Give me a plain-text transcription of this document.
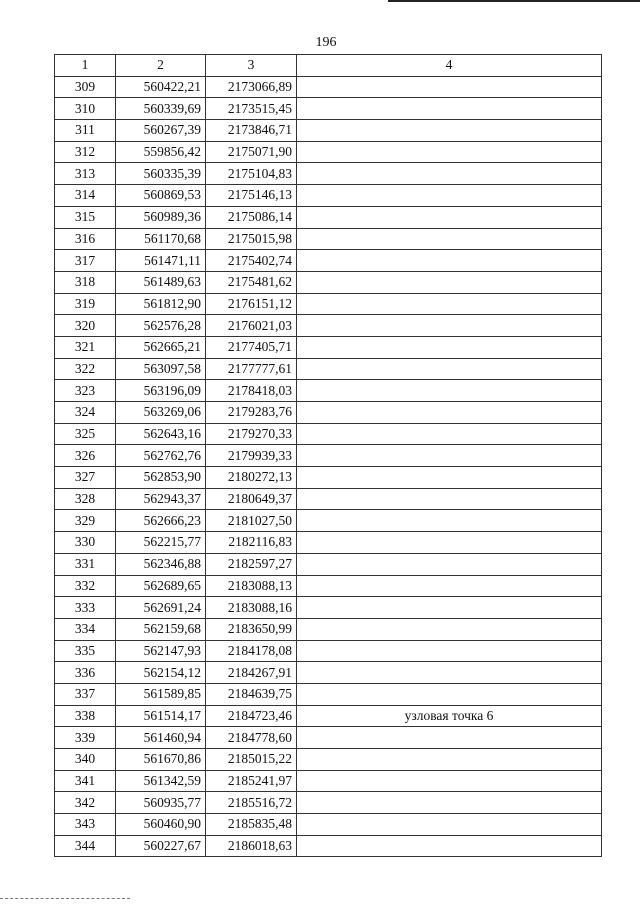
196
1	2	3	4
309	560422,21	2173066,89	
310	560339,69	2173515,45	
311	560267,39	2173846,71	
312	559856,42	2175071,90	
313	560335,39	2175104,83	
314	560869,53	2175146,13	
315	560989,36	2175086,14	
316	561170,68	2175015,98	
317	561471,11	2175402,74	
318	561489,63	2175481,62	
319	561812,90	2176151,12	
320	562576,28	2176021,03	
321	562665,21	2177405,71	
322	563097,58	2177777,61	
323	563196,09	2178418,03	
324	563269,06	2179283,76	
325	562643,16	2179270,33	
326	562762,76	2179939,33	
327	562853,90	2180272,13	
328	562943,37	2180649,37	
329	562666,23	2181027,50	
330	562215,77	2182116,83	
331	562346,88	2182597,27	
332	562689,65	2183088,13	
333	562691,24	2183088,16	
334	562159,68	2183650,99	
335	562147,93	2184178,08	
336	562154,12	2184267,91	
337	561589,85	2184639,75	
338	561514,17	2184723,46	узловая точка 6
339	561460,94	2184778,60	
340	561670,86	2185015,22	
341	561342,59	2185241,97	
342	560935,77	2185516,72	
343	560460,90	2185835,48	
344	560227,67	2186018,63	
